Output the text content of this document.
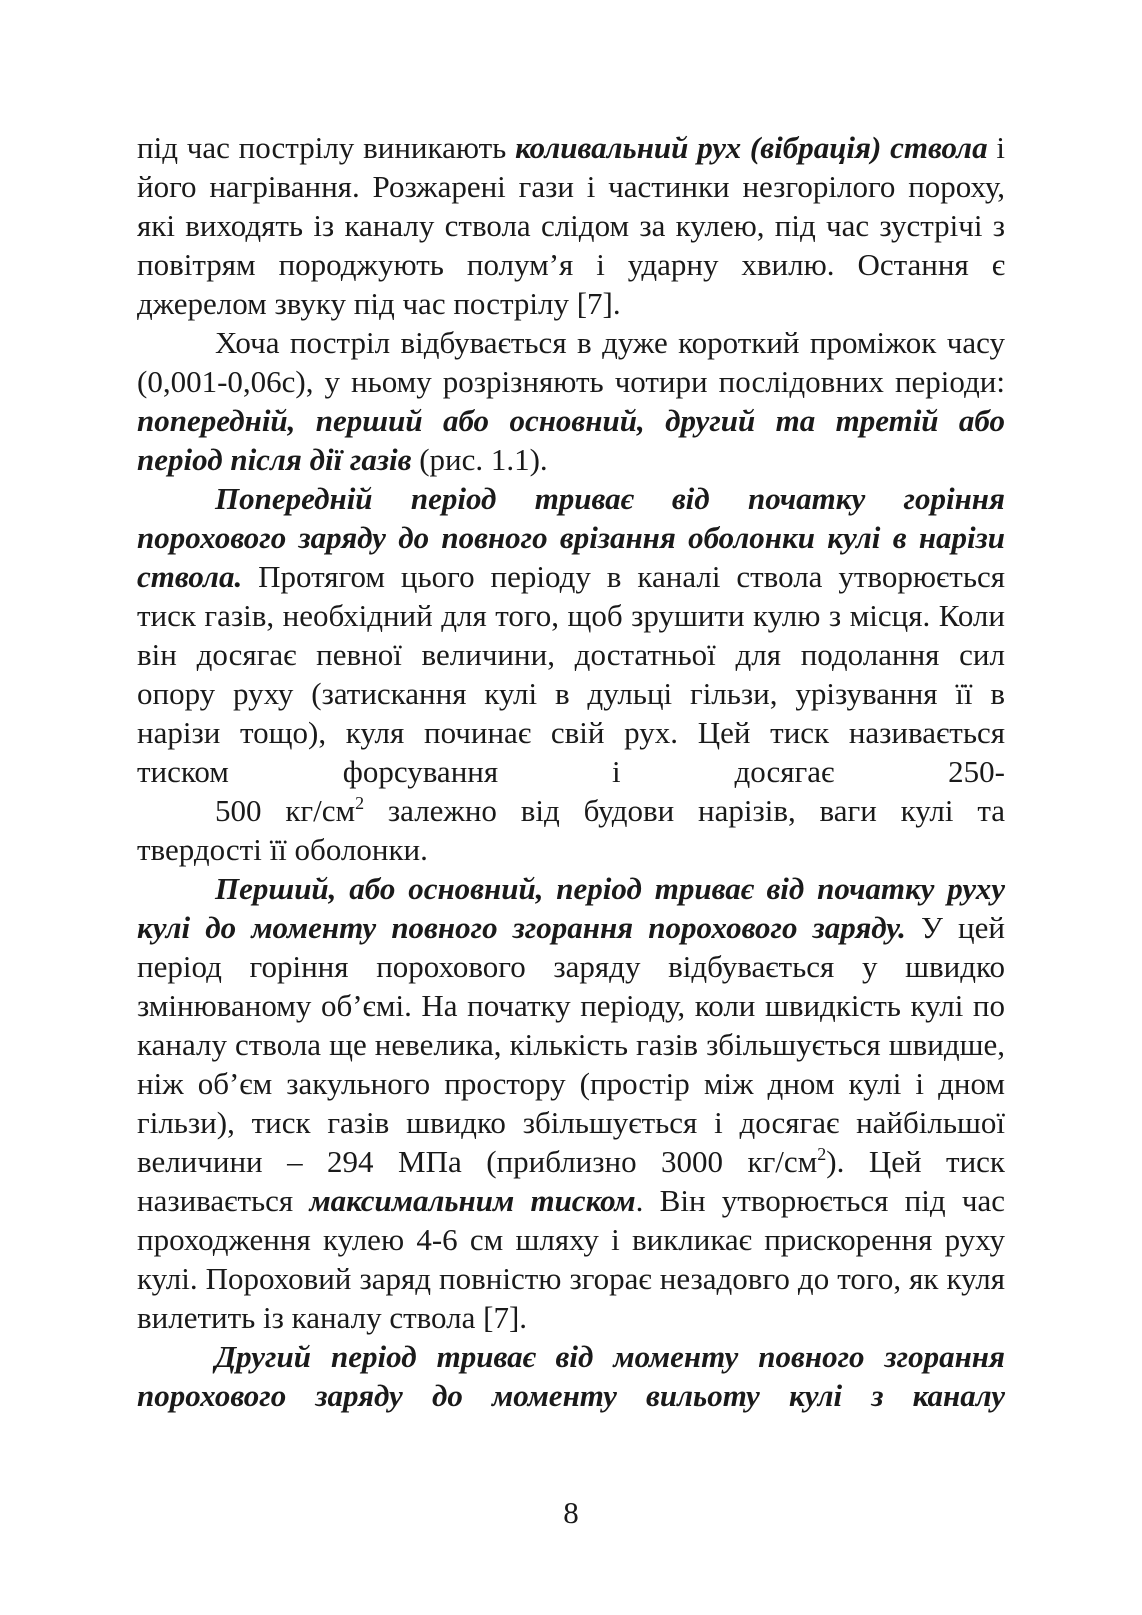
під час пострілу виникають коливальний рух (вібрація) ствола і його нагрівання. Розжарені гази і частинки незгорілого пороху, які виходять із каналу ствола слідом за кулею, під час зустрічі з повітрям породжують полум’я і ударну хвилю. Остання є джерелом звуку під час пострілу [7].

Хоча постріл відбувається в дуже короткий проміжок часу (0,001-0,06с), у ньому розрізняють чотири послідовних періоди: попередній, перший або основний, другий та третій або період після дії газів (рис. 1.1).

Попередній період триває від початку горіння порохового заряду до повного врізання оболонки кулі в нарізи ствола. Протягом цього періоду в каналі ствола утворюється тиск газів, необхідний для того, щоб зрушити кулю з місця. Коли він досягає певної величини, достатньої для подолання сил опору руху (затискання кулі в дульці гільзи, урізування її в нарізи тощо), куля починає свій рух. Цей тиск називається тиском форсування і досягає 250-

500 $кг/см^2$ залежно від будови нарізів, ваги кулі та твердості її оболонки.

Перший, або основний, період триває від початку руху кулі до моменту повного згорання порохового заряду. У цей період горіння порохового заряду відбувається у швидко змінюваному об’ємі. На початку періоду, коли швидкість кулі по каналу ствола ще невелика, кількість газів збільшується швидше, ніж об’єм закульного простору (простір між дном кулі і дном гільзи), тиск газів швидко збільшується і досягає найбільшої величини – 294 МПа (приблизно 3000 $кг/см^2$). Цей тиск називається максимальним тиском. Він утворюється під час проходження кулею 4-6 см шляху і викликає прискорення руху кулі. Пороховий заряд повністю згорає незадовго до того, як куля вилетить із каналу ствола [7].

Другий період триває від моменту повного згорання порохового заряду до моменту вильоту кулі з каналу

8
